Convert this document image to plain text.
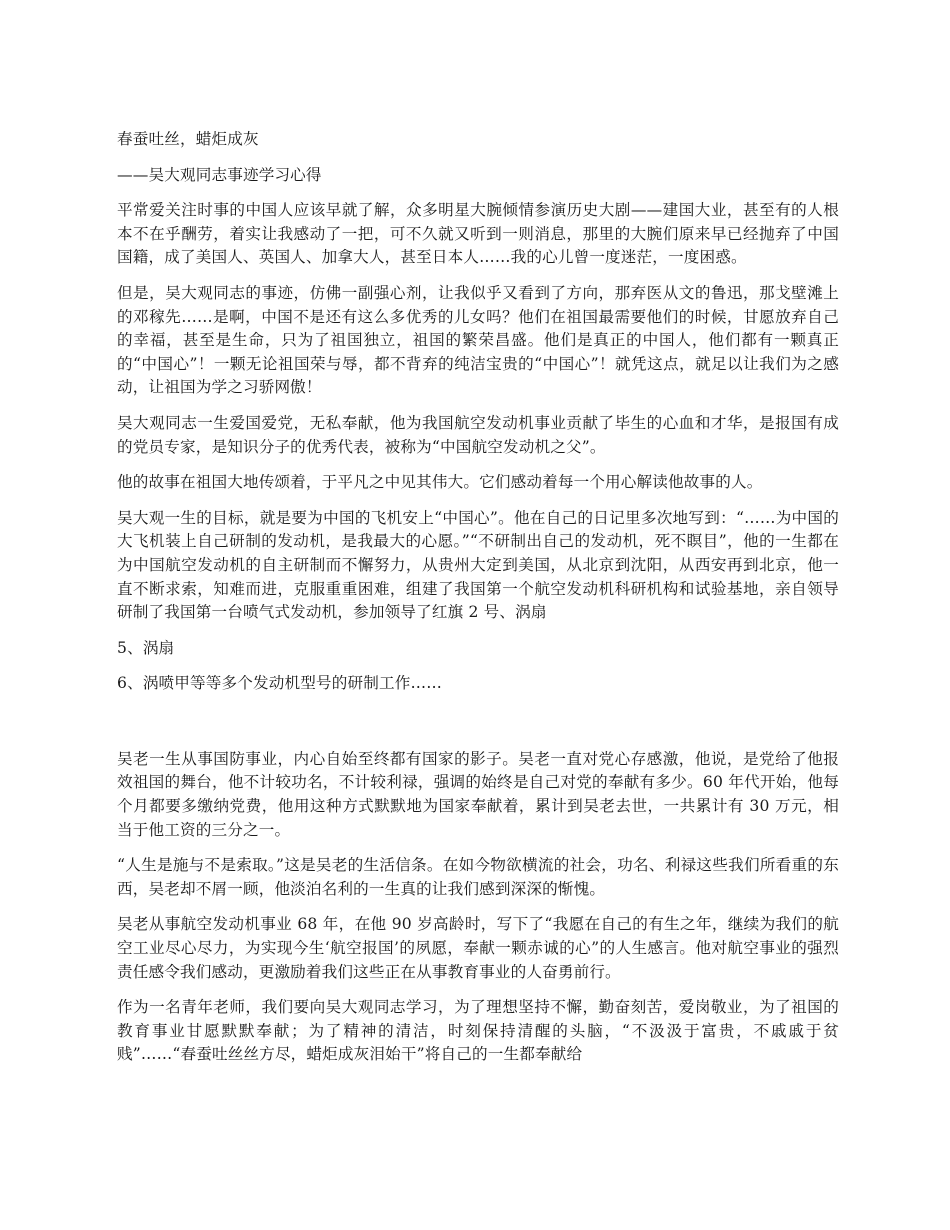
春蚕吐丝，蜡炬成灰

——吴大观同志事迹学习心得

平常爱关注时事的中国人应该早就了解，众多明星大腕倾情参演历史大剧——建国大业，甚至有的人根本不在乎酬劳，着实让我感动了一把，可不久就又听到一则消息，那里的大腕们原来早已经抛弃了中国国籍，成了美国人、英国人、加拿大人，甚至日本人……我的心儿曾一度迷茫，一度困惑。

但是，吴大观同志的事迹，仿佛一副强心剂，让我似乎又看到了方向，那弃医从文的鲁迅，那戈壁滩上的邓稼先……是啊，中国不是还有这么多优秀的儿女吗？他们在祖国最需要他们的时候，甘愿放弃自己的幸福，甚至是生命，只为了祖国独立，祖国的繁荣昌盛。他们是真正的中国人，他们都有一颗真正的“中国心”！一颗无论祖国荣与辱，都不背弃的纯洁宝贵的“中国心”！就凭这点，就足以让我们为之感动，让祖国为学之习骄网傲！

吴大观同志一生爱国爱党，无私奉献，他为我国航空发动机事业贡献了毕生的心血和才华，是报国有成的党员专家，是知识分子的优秀代表，被称为“中国航空发动机之父”。

他的故事在祖国大地传颂着，于平凡之中见其伟大。它们感动着每一个用心解读他故事的人。

吴大观一生的目标，就是要为中国的飞机安上“中国心”。他在自己的日记里多次地写到：“……为中国的大飞机装上自己研制的发动机，是我最大的心愿。”“不研制出自己的发动机，死不瞑目”，他的一生都在为中国航空发动机的自主研制而不懈努力，从贵州大定到美国，从北京到沈阳，从西安再到北京，他一直不断求索，知难而进，克服重重困难，组建了我国第一个航空发动机科研机构和试验基地，亲自领导研制了我国第一台喷气式发动机，参加领导了红旗 2 号、涡扇

5、涡扇

6、涡喷甲等等多个发动机型号的研制工作……

吴老一生从事国防事业，内心自始至终都有国家的影子。吴老一直对党心存感激，他说，是党给了他报效祖国的舞台，他不计较功名，不计较利禄，强调的始终是自己对党的奉献有多少。60 年代开始，他每个月都要多缴纳党费，他用这种方式默默地为国家奉献着，累计到吴老去世，一共累计有 30 万元，相当于他工资的三分之一。

“人生是施与不是索取。”这是吴老的生活信条。在如今物欲横流的社会，功名、利禄这些我们所看重的东西，吴老却不屑一顾，他淡泊名利的一生真的让我们感到深深的惭愧。

吴老从事航空发动机事业 68 年，在他 90 岁高龄时，写下了“我愿在自己的有生之年，继续为我们的航空工业尽心尽力，为实现今生‘航空报国’的夙愿，奉献一颗赤诚的心”的人生感言。他对航空事业的强烈责任感令我们感动，更激励着我们这些正在从事教育事业的人奋勇前行。

作为一名青年老师，我们要向吴大观同志学习，为了理想坚持不懈，勤奋刻苦，爱岗敬业，为了祖国的教育事业甘愿默默奉献；为了精神的清洁，时刻保持清醒的头脑，“不汲汲于富贵，不戚戚于贫贱”……“春蚕吐丝丝方尽，蜡炬成灰泪始干”将自己的一生都奉献给
